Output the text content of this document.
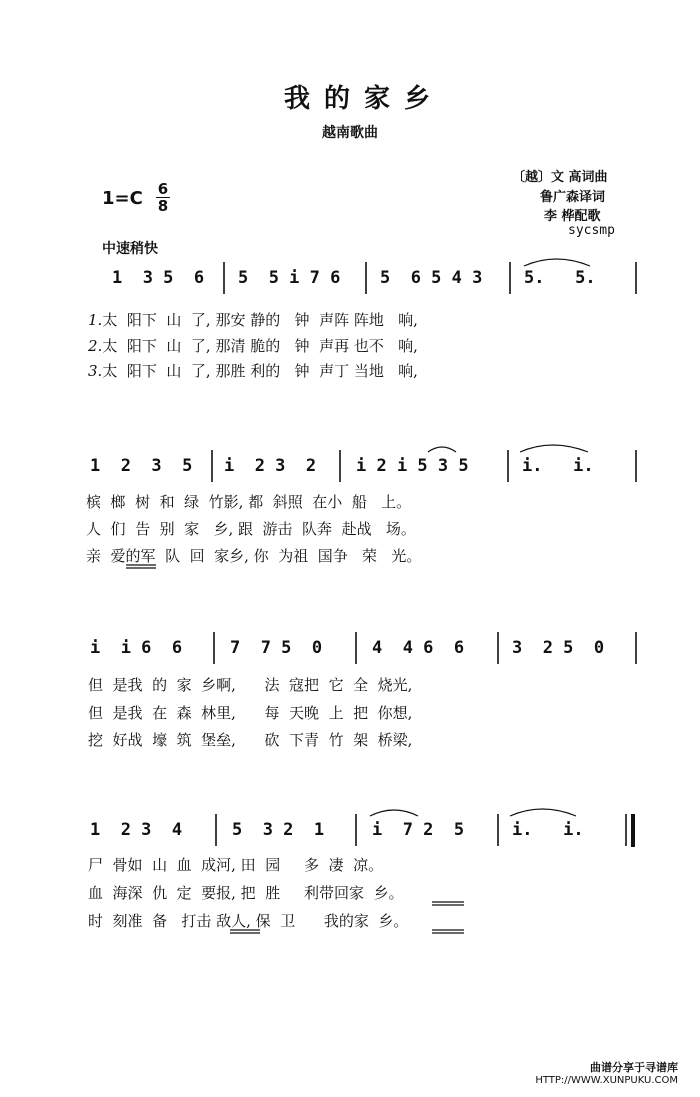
我的家乡
越南歌曲
〔越〕文 高词曲
鲁广森译词
李 桦配歌
sycsmp
1=C 6
8
中速稍快
1  3 5  6 5  5 i 7 6 5  6 5 4 3 5.   5.
1.太  阳下  山  了, 那安 静的   钟  声阵 阵地   响,
2.太  阳下  山  了, 那清 脆的   钟  声再 也不   响,
3.太  阳下  山  了, 那胜 利的   钟  声丁 当地   响,
1  2  3  5 i  2 3  2 i 2 i 5 3 5	i.   i.
槟  榔  树  和  绿  竹影, 都  斜照  在小  船   上。
人  们  告  别  家   乡, 跟  游击  队奔  赴战   场。
亲  爱的军  队  回  家乡, 你  为祖  国争   荣   光。
i  i 6  6	7  7 5  0	4  4 6  6	3  2 5  0
但  是我  的  家  乡啊,      法  寇把  它  全  烧光,
但  是我  在  森  林里,      每  天晚  上  把  你想,
挖  好战  壕  筑  堡垒,      砍  下青  竹  架  桥梁,
1  2 3  4	5  3 2  1	i  7 2  5	i.   i.
尸  骨如  山  血  成河, 田  园     多  凄  凉。
血  海深  仇  定  要报, 把  胜     利带回家  乡。
时  刻准  备   打击 敌人, 保  卫      我的家  乡。
曲谱分享于寻谱库
HTTP://WWW.XUNPUKU.COM
